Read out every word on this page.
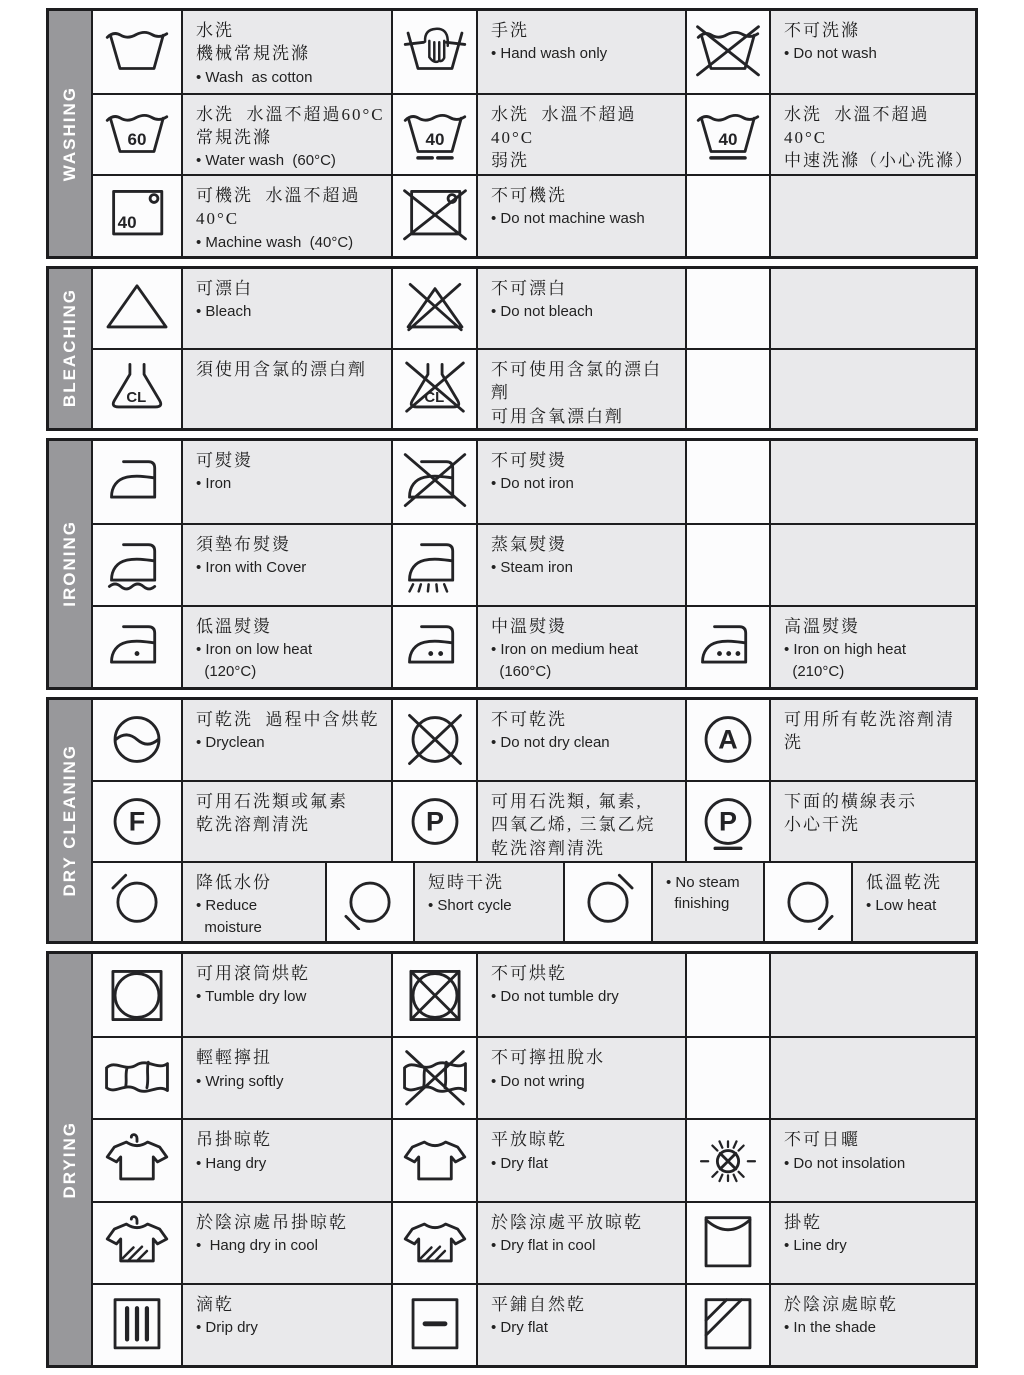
WASHING
水洗
機械常規洗滌
• Wash  as cotton
手洗
• Hand wash only
不可洗滌
• Do not wash
60
水洗  水溫不超過60°C
常規洗滌
• Water wash  (60°C)
40
水洗  水溫不超過40°C
弱洗
40
水洗  水溫不超過40°C
中速洗滌（小心洗滌）
40
可機洗  水溫不超過40°C
• Machine wash  (40°C)
不可機洗
• Do not machine wash
BLEACHING
可漂白
• Bleach
不可漂白
• Do not bleach
CL
須使用含氯的漂白劑
CL
不可使用含氯的漂白劑
可用含氧漂白劑
IRONING
可熨燙
• Iron
不可熨燙
• Do not iron
須墊布熨燙
• Iron with Cover
蒸氣熨燙
• Steam iron
低溫熨燙
• Iron on low heat
(120°C)
中溫熨燙
• Iron on medium heat
(160°C)
高溫熨燙
• Iron on high heat
(210°C)
DRY CLEANING
可乾洗  過程中含烘乾
• Dryclean
不可乾洗
• Do not dry clean	A
可用所有乾洗溶劑清洗
F
可用石洗類或氟素
乾洗溶劑清洗	P
可用石洗類, 氟素,
四氧乙烯, 三氯乙烷
乾洗溶劑清洗
P
下面的橫線表示
小心干洗
降低水份
• Reduce
moisture
短時干洗
• Short cycle
• No steam
finishing
低溫乾洗
• Low heat
DRYING
可用滾筒烘乾
• Tumble dry low
不可烘乾
• Do not tumble dry
輕輕擰扭
• Wring softly
不可擰扭脫水
• Do not wring
吊掛晾乾
• Hang dry
平放晾乾
• Dry flat
不可日曬
• Do not insolation
於陰涼處吊掛晾乾
•  Hang dry in cool
於陰涼處平放晾乾
• Dry flat in cool
掛乾
• Line dry
滴乾
• Drip dry
平鋪自然乾
• Dry flat
於陰涼處晾乾
• In the shade
